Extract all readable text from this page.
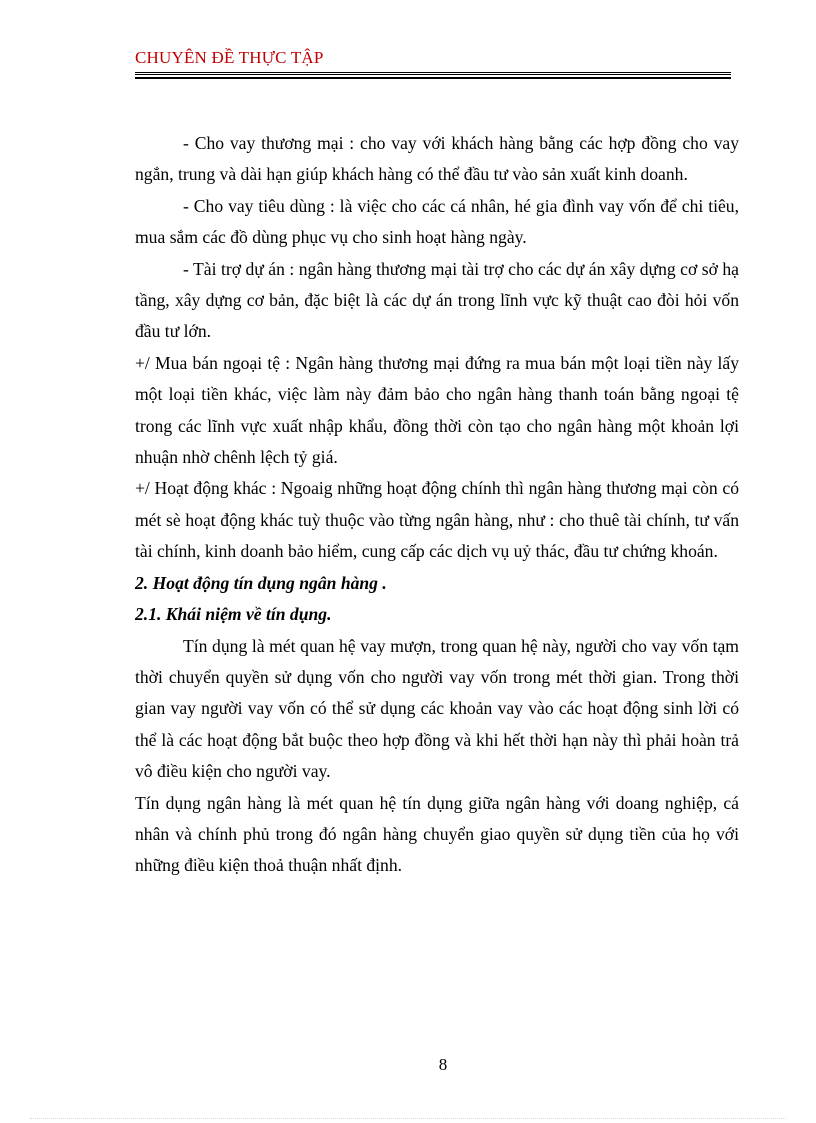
CHUYÊN ĐỀ THỰC TẬP

- Cho vay thương mại : cho vay với khách hàng bằng các hợp đồng cho vay ngắn, trung và dài hạn giúp khách hàng có thể đầu tư vào sản xuất kinh doanh.

- Cho vay tiêu dùng : là việc cho các cá nhân, hé gia đình vay vốn để chi tiêu, mua sắm các đồ dùng phục vụ cho sinh hoạt hàng ngày.

- Tài trợ dự án : ngân hàng thương mại tài trợ cho các dự án xây dựng cơ sở hạ tầng, xây dựng cơ bản, đặc biệt là các dự án trong lĩnh vực kỹ thuật cao đòi hỏi vốn đầu tư lớn.

+/ Mua bán ngoại tệ : Ngân hàng thương mại đứng ra mua bán một loại tiền này lấy một loại tiền khác, việc làm này đảm bảo cho ngân hàng thanh toán bằng ngoại tệ trong các lĩnh vực xuất nhập khẩu, đồng thời còn tạo cho ngân hàng một khoản lợi nhuận nhờ chênh lệch tỷ giá.

+/ Hoạt động khác : Ngoaig những hoạt động chính thì ngân hàng thương mại còn có mét sè hoạt động khác tuỳ thuộc vào từng ngân hàng, như : cho thuê tài chính, tư vấn tài chính, kinh doanh bảo hiểm, cung cấp các dịch vụ uỷ thác, đầu tư chứng khoán.

2. Hoạt động tín dụng ngân hàng .

2.1. Khái niệm về tín dụng.

Tín dụng là mét quan hệ vay mượn, trong quan hệ này, người cho vay vốn tạm thời chuyển quyền sử dụng vốn cho người vay vốn trong mét thời gian. Trong thời gian vay người vay vốn có thể sử dụng các khoản vay vào các hoạt động sinh lời có thể là các hoạt động bắt buộc theo hợp đồng và khi hết thời hạn này thì phải hoàn trả vô điều kiện cho người vay.

Tín dụng ngân hàng là mét quan hệ tín dụng giữa ngân hàng với doang nghiệp, cá nhân và chính phủ trong đó ngân hàng chuyển giao quyền sử dụng tiền của họ với những điều kiện thoả thuận nhất định.

8
